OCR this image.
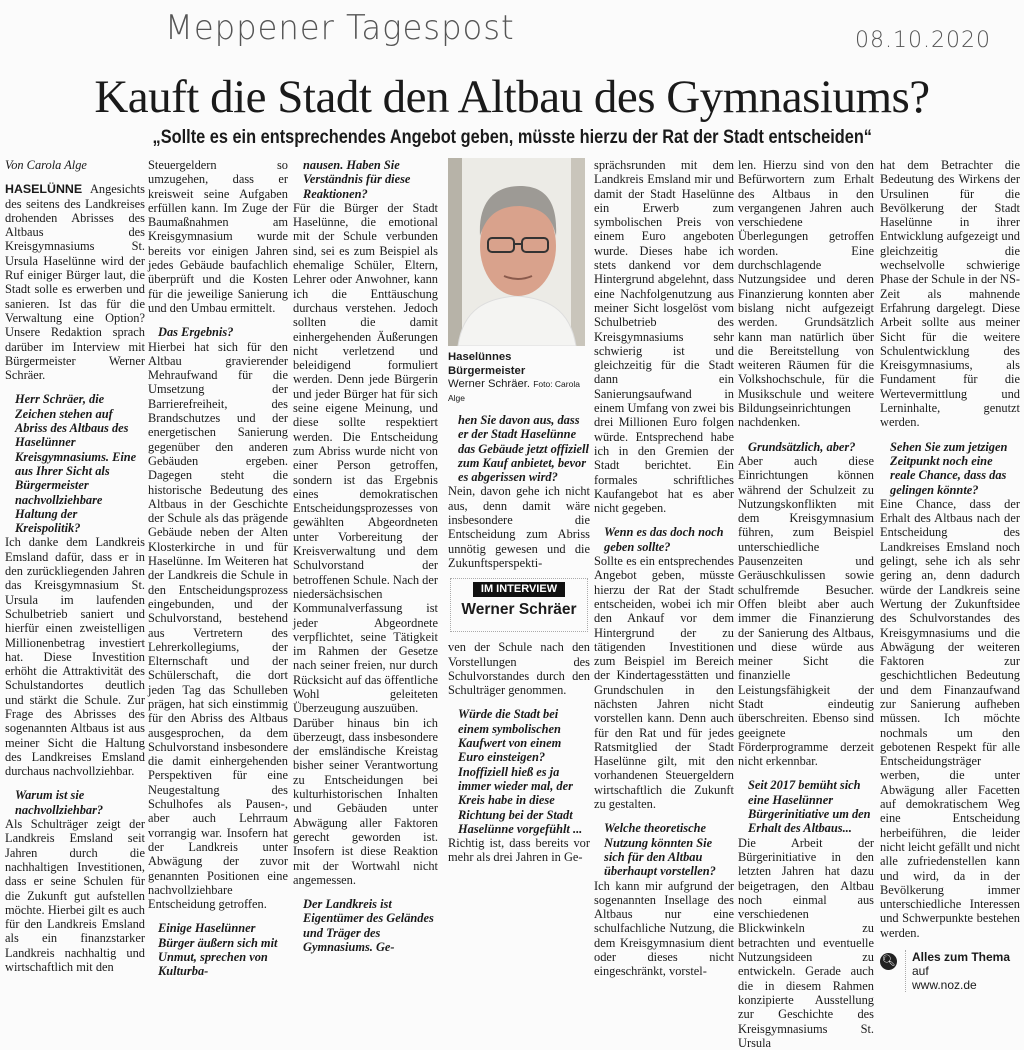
Meppener Tagespost	08.10.2020
Kauft die Stadt den Altbau des Gymnasiums?
„Sollte es ein entsprechendes Angebot geben, müsste hierzu der Rat der Stadt entscheiden“

Von Carola Alge

HASELÜNNE Angesichts des seitens des Landkreises drohenden Abrisses des Altbaus des Kreisgymnasiums St. Ursula Haselünne wird der Ruf einiger Bürger laut, die Stadt solle es erwerben und sanieren. Ist das für die Verwaltung eine Option? Unsere Redaktion sprach darüber im Interview mit Bürgermeister Werner Schräer.

Herr Schräer, die Zeichen stehen auf Abriss des Altbaus des Haselünner Kreisgymnasiums. Eine aus Ihrer Sicht als Bürgermeister nachvollziehbare Haltung der Kreispolitik?

Ich danke dem Landkreis Emsland dafür, dass er in den zurückliegenden Jahren das Kreisgymnasium St. Ursula im laufenden Schulbetrieb saniert und hierfür einen zweistelligen Millionenbetrag investiert hat. Diese Investition erhöht die Attraktivität des Schulstandortes deutlich und stärkt die Schule. Zur Frage des Abrisses des sogenannten Altbaus ist aus meiner Sicht die Haltung des Landkreises Emsland durchaus nachvollziehbar.

Warum ist sie nachvollziehbar?

Als Schulträger zeigt der Landkreis Emsland seit Jahren durch die nachhaltigen Investitionen, dass er seine Schulen für die Zukunft gut aufstellen möchte. Hierbei gilt es auch für den Landkreis Emsland als ein finanzstarker Landkreis nachhaltig und wirtschaftlich mit den

Steuergeldern so umzugehen, dass er kreisweit seine Aufgaben erfüllen kann. Im Zuge der Baumaßnahmen am Kreisgymnasium wurde bereits vor einigen Jahren jedes Gebäude baufachlich überprüft und die Kosten für die jeweilige Sanierung und den Umbau ermittelt.

Das Ergebnis?

Hierbei hat sich für den Altbau gravierender Mehraufwand für die Umsetzung der Barrierefreiheit, des Brandschutzes und der energetischen Sanierung gegenüber den anderen Gebäuden ergeben. Dagegen steht die historische Bedeutung des Altbaus in der Geschichte der Schule als das prägende Gebäude neben der Alten Klosterkirche in und für Haselünne. Im Weiteren hat der Landkreis die Schule in den Entscheidungsprozess eingebunden, und der Schulvorstand, bestehend aus Vertretern des Lehrerkollegiums, der Elternschaft und der Schülerschaft, die dort jeden Tag das Schulleben prägen, hat sich einstimmig für den Abriss des Altbaus ausgesprochen, da dem Schulvorstand insbesondere die damit einhergehenden Perspektiven für eine Neugestaltung des Schulhofes als Pausen-, aber auch Lehrraum vorrangig war. Insofern hat der Landkreis unter Abwägung der zuvor genannten Positionen eine nachvollziehbare Entscheidung getroffen.

Einige Haselünner Bürger äußern sich mit Unmut, sprechen von Kulturba-

nausen. Haben Sie Verständnis für diese Reaktionen?

Für die Bürger der Stadt Haselünne, die emotional mit der Schule verbunden sind, sei es zum Beispiel als ehemalige Schüler, Eltern, Lehrer oder Anwohner, kann ich die Enttäuschung durchaus verstehen. Jedoch sollten die damit einhergehenden Äußerungen nicht verletzend und beleidigend formuliert werden. Denn jede Bürgerin und jeder Bürger hat für sich seine eigene Meinung, und diese sollte respektiert werden. Die Entscheidung zum Abriss wurde nicht von einer Person getroffen, sondern ist das Ergebnis eines demokratischen Entscheidungsprozesses von gewählten Abgeordneten unter Vorbereitung der Kreisverwaltung und dem Schulvorstand der betroffenen Schule. Nach der niedersächsischen Kommunalverfassung ist jeder Abgeordnete verpflichtet, seine Tätigkeit im Rahmen der Gesetze nach seiner freien, nur durch Rücksicht auf das öffentliche Wohl geleiteten Überzeugung auszuüben.

Darüber hinaus bin ich überzeugt, dass insbesondere der emsländische Kreistag bisher seiner Verantwortung zu Entscheidungen bei kulturhistorischen Inhalten und Gebäuden unter Abwägung aller Faktoren gerecht geworden ist. Insofern ist diese Reaktion mit der Wortwahl nicht angemessen.

Der Landkreis ist Eigentümer des Geländes und Träger des Gymnasiums. Ge-

Haselünnes Bürgermeister
Werner Schräer. Foto: Carola Alge

hen Sie davon aus, dass er der Stadt Haselünne das Gebäude jetzt offiziell zum Kauf anbietet, bevor es abgerissen wird?

Nein, davon gehe ich nicht aus, denn damit wäre insbesondere die Entscheidung zum Abriss unnötig gewesen und die Zukunftsperspekti-

IM INTERVIEW
Werner Schräer

ven der Schule nach den Vorstellungen des Schulvorstandes durch den Schulträger genommen.

Würde die Stadt bei einem symbolischen Kaufwert von einem Euro einsteigen? Inoffiziell hieß es ja immer wieder mal, der Kreis habe in diese Richtung bei der Stadt Haselünne vorgefühlt ...

Richtig ist, dass bereits vor mehr als drei Jahren in Ge-

sprächsrunden mit dem Landkreis Emsland mir und damit der Stadt Haselünne ein Erwerb zum symbolischen Preis von einem Euro angeboten wurde. Dieses habe ich stets dankend vor dem Hintergrund abgelehnt, dass eine Nachfolgenutzung aus meiner Sicht losgelöst vom Schulbetrieb des Kreisgymnasiums sehr schwierig ist und gleichzeitig für die Stadt dann ein Sanierungsaufwand in einem Umfang von zwei bis drei Millionen Euro folgen würde. Entsprechend habe ich in den Gremien der Stadt berichtet. Ein formales schriftliches Kaufangebot hat es aber nicht gegeben.

Wenn es das doch noch geben sollte?

Sollte es ein entsprechendes Angebot geben, müsste hierzu der Rat der Stadt entscheiden, wobei ich mir den Ankauf vor dem Hintergrund der zu tätigenden Investitionen zum Beispiel im Bereich der Kindertagesstätten und Grundschulen in den nächsten Jahren nicht vorstellen kann. Denn auch für den Rat und für jedes Ratsmitglied der Stadt Haselünne gilt, mit den vorhandenen Steuergeldern wirtschaftlich die Zukunft zu gestalten.

Welche theoretische Nutzung könnten Sie sich für den Altbau überhaupt vorstellen?

Ich kann mir aufgrund der sogenannten Insellage des Altbaus nur eine schulfachliche Nutzung, die dem Kreisgymnasium dient oder dieses nicht eingeschränkt, vorstel-

len. Hierzu sind von den Befürwortern zum Erhalt des Altbaus in den vergangenen Jahren auch verschiedene Überlegungen getroffen worden. Eine durchschlagende Nutzungsidee und deren Finanzierung konnten aber bislang nicht aufgezeigt werden. Grundsätzlich kann man natürlich über die Bereitstellung von weiteren Räumen für die Volkshochschule, für die Musikschule und weitere Bildungseinrichtungen nachdenken.

Grundsätzlich, aber?

Aber auch diese Einrichtungen können während der Schulzeit zu Nutzungskonflikten mit dem Kreisgymnasium führen, zum Beispiel unterschiedliche Pausenzeiten und Geräuschkulissen sowie schulfremde Besucher. Offen bleibt aber auch immer die Finanzierung der Sanierung des Altbaus, und diese würde aus meiner Sicht die finanzielle Leistungsfähigkeit der Stadt eindeutig überschreiten. Ebenso sind geeignete Förderprogramme derzeit nicht erkennbar.

Seit 2017 bemüht sich eine Haselünner Bürgerinitiative um den Erhalt des Altbaus...

Die Arbeit der Bürgerinitiative in den letzten Jahren hat dazu beigetragen, den Altbau noch einmal aus verschiedenen Blickwinkeln zu betrachten und eventuelle Nutzungsideen zu entwickeln. Gerade auch die in diesem Rahmen konzipierte Ausstellung zur Geschichte des Kreisgymnasiums St. Ursula

hat dem Betrachter die Bedeutung des Wirkens der Ursulinen für die Bevölkerung der Stadt Haselünne in ihrer Entwicklung aufgezeigt und gleichzeitig die wechselvolle schwierige Phase der Schule in der NS-Zeit als mahnende Erfahrung dargelegt. Diese Arbeit sollte aus meiner Sicht für die weitere Schulentwicklung des Kreisgymnasiums, als Fundament für die Wertevermittlung und Lerninhalte, genutzt werden.

Sehen Sie zum jetzigen Zeitpunkt noch eine reale Chance, dass das gelingen könnte?

Eine Chance, dass der Erhalt des Altbaus nach der Entscheidung des Landkreises Emsland noch gelingt, sehe ich als sehr gering an, denn dadurch würde der Landkreis seine Wertung der Zukunftsidee des Schulvorstandes des Kreisgymnasiums und die Abwägung der weiteren Faktoren zur geschichtlichen Bedeutung und dem Finanzaufwand zur Sanierung aufheben müssen. Ich möchte nochmals um den gebotenen Respekt für alle Entscheidungsträger werben, die unter Abwägung aller Facetten auf demokratischem Weg eine Entscheidung herbeiführen, die leider nicht leicht gefällt und nicht alle zufriedenstellen kann und wird, da in der Bevölkerung immer unterschiedliche Interessen und Schwerpunkte bestehen werden.

🔍︎ Alles zum Thema auf
www.noz.de
